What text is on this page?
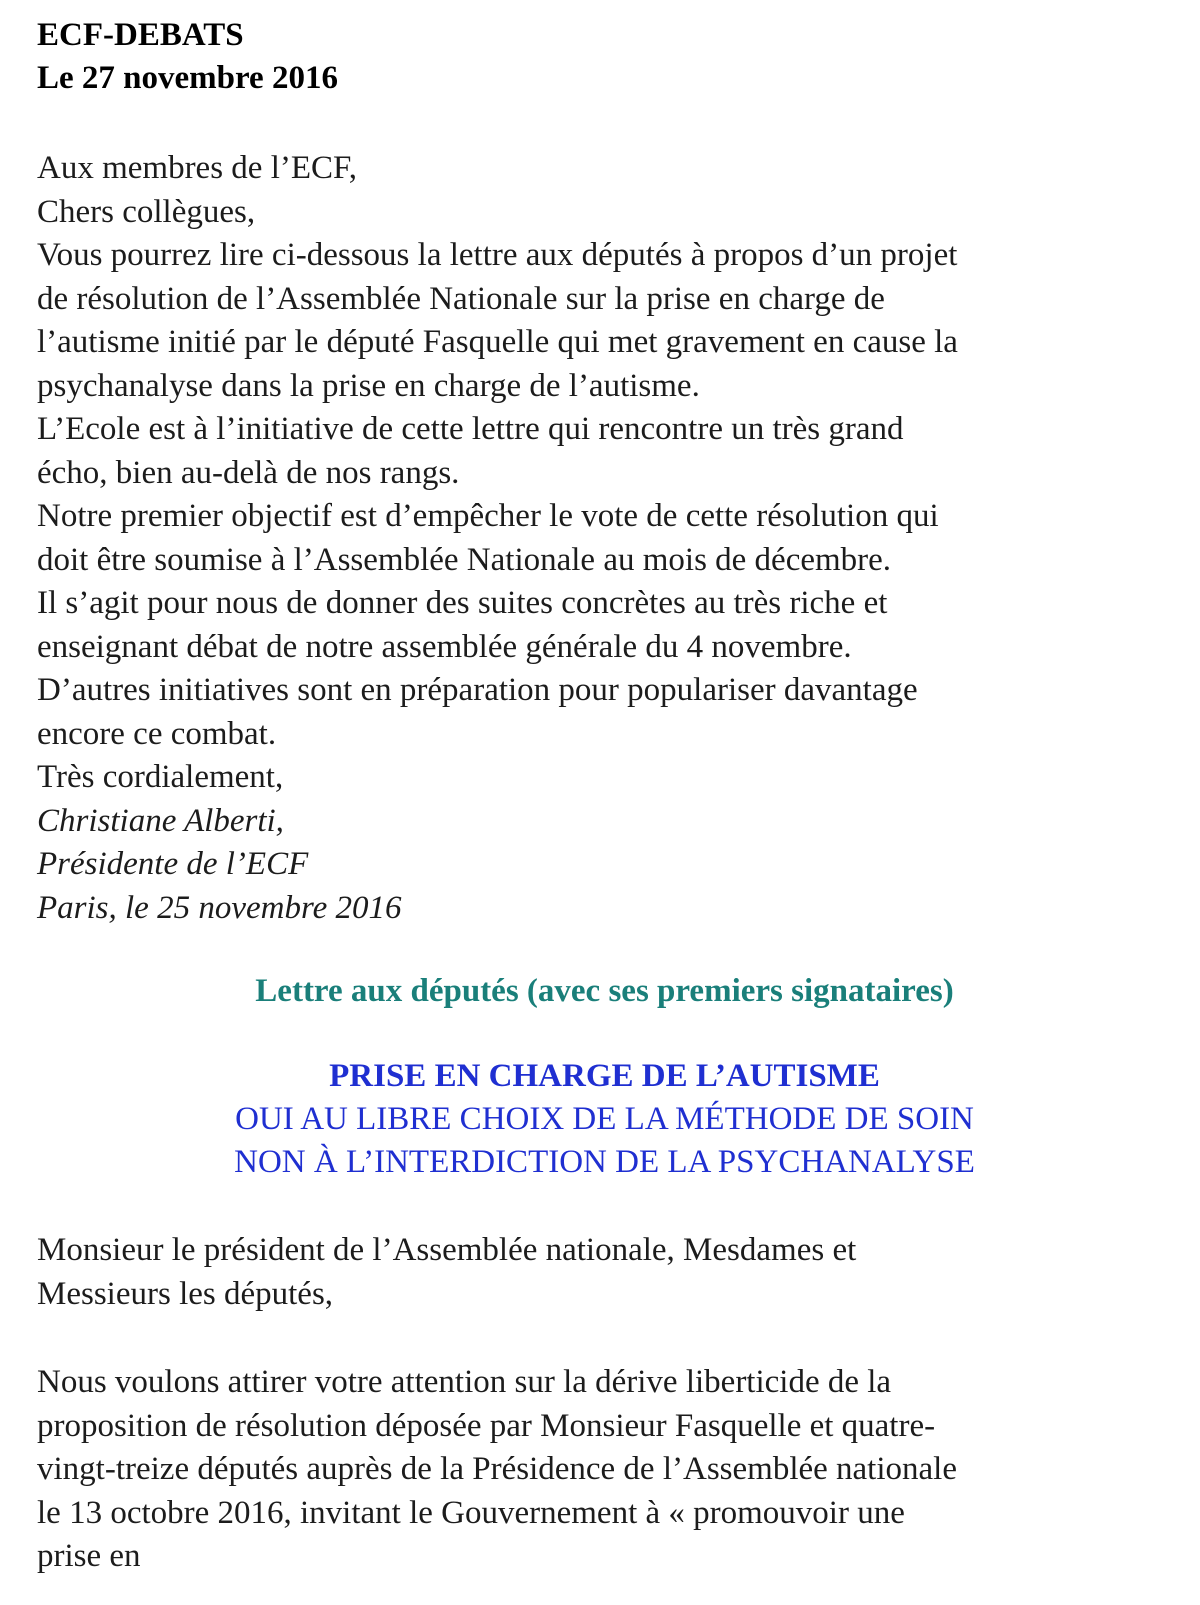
ECF-DEBATS
Le 27 novembre 2016
Aux membres de l’ECF,
Chers collègues,
Vous pourrez lire ci-dessous la lettre aux députés à propos d’un projet
de résolution de l’Assemblée Nationale sur la prise en charge de
l’autisme initié par le député Fasquelle qui met gravement en cause la
psychanalyse dans la prise en charge de l’autisme.
L’Ecole est à l’initiative de cette lettre qui rencontre un très grand
écho, bien au-delà de nos rangs.
Notre premier objectif est d’empêcher le vote de cette résolution qui
doit être soumise à l’Assemblée Nationale au mois de décembre.
Il s’agit pour nous de donner des suites concrètes au très riche et
enseignant débat de notre assemblée générale du 4 novembre.
D’autres initiatives sont en préparation pour populariser davantage
encore ce combat.
Très cordialement,
Christiane Alberti,
Présidente de l’ECF
Paris, le 25 novembre 2016
Lettre aux députés (avec ses premiers signataires)
PRISE EN CHARGE DE L’AUTISME
OUI AU LIBRE CHOIX DE LA MÉTHODE DE SOIN
NON À L’INTERDICTION DE LA PSYCHANALYSE
Monsieur le président de l’Assemblée nationale, Mesdames et
Messieurs les députés,
Nous voulons attirer votre attention sur la dérive liberticide de la
proposition de résolution déposée par Monsieur Fasquelle et quatre-
vingt-treize députés auprès de la Présidence de l’Assemblée nationale
le 13 octobre 2016, invitant le Gouvernement à « promouvoir une
prise en
